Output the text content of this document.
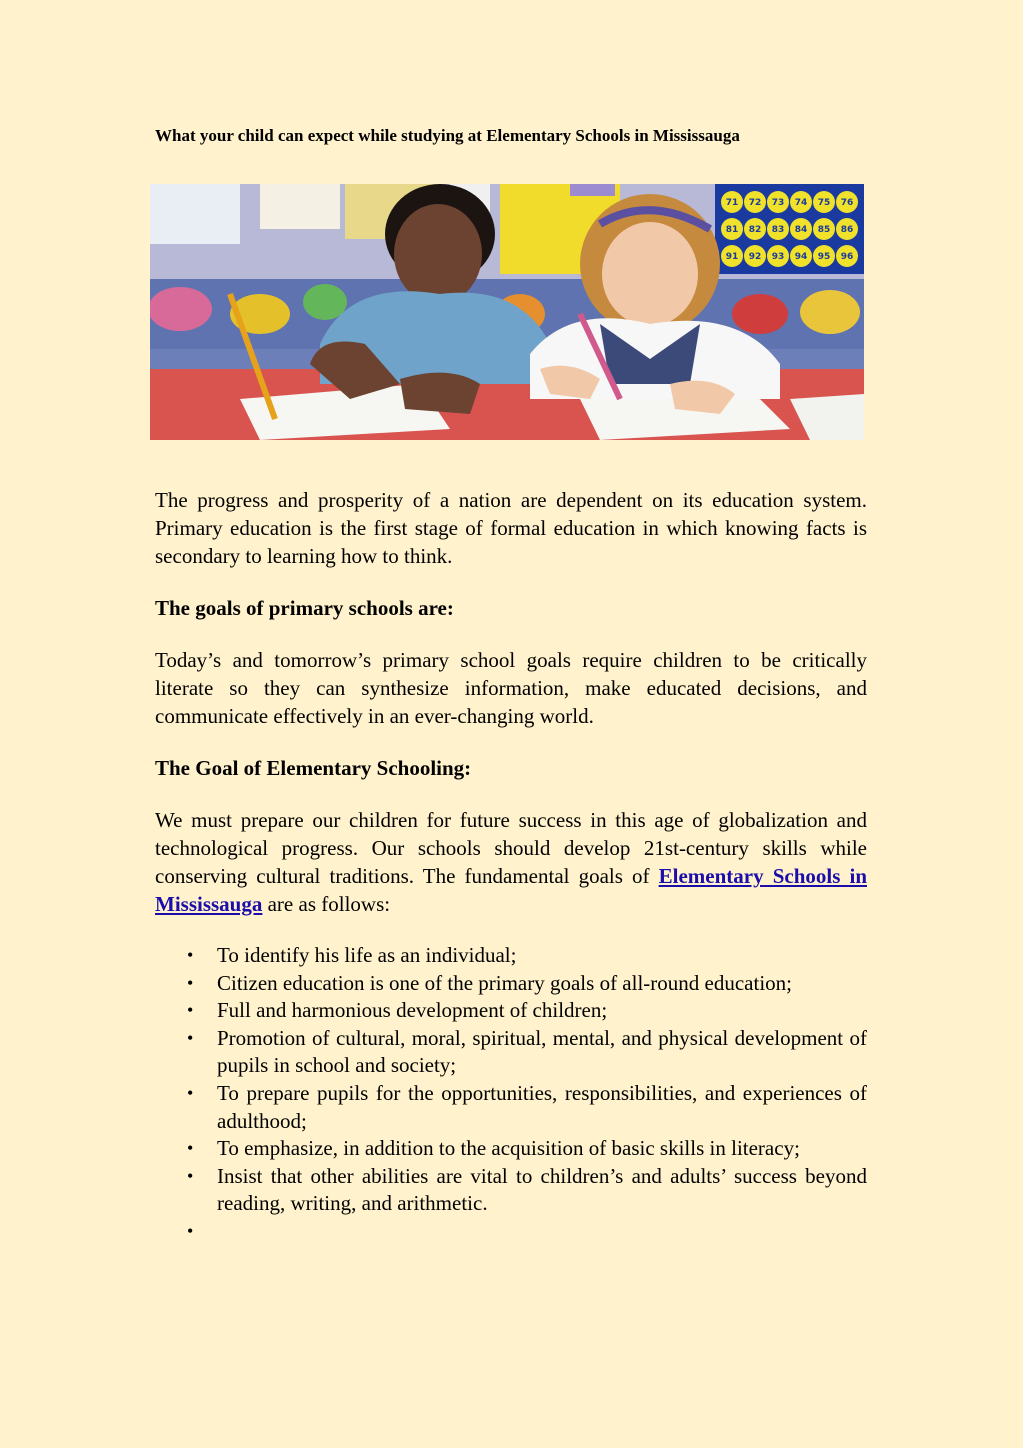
What your child can expect while studying at Elementary Schools in Mississauga
71 72 73 74 75 76
81 82 83 84 85 86
91 92 93 94 95 96

The progress and prosperity of a nation are dependent on its education system. Primary education is the first stage of formal education in which knowing facts is secondary to learning how to think.

The goals of primary schools are:

Today’s and tomorrow’s primary school goals require children to be critically literate so they can synthesize information, make educated decisions, and communicate effectively in an ever-changing world.

The Goal of Elementary Schooling:

We must prepare our children for future success in this age of globalization and technological progress. Our schools should develop 21st-century skills while conserving cultural traditions. The fundamental goals of Elementary Schools in Mississauga are as follows:

• To identify his life as an individual;
• Citizen education is one of the primary goals of all-round education;
• Full and harmonious development of children;
• Promotion of cultural, moral, spiritual, mental, and physical development of pupils in school and society;
• To prepare pupils for the opportunities, responsibilities, and experiences of adulthood;
• To emphasize, in addition to the acquisition of basic skills in literacy;
• Insist that other abilities are vital to children’s and adults’ success beyond reading, writing, and arithmetic.
•
